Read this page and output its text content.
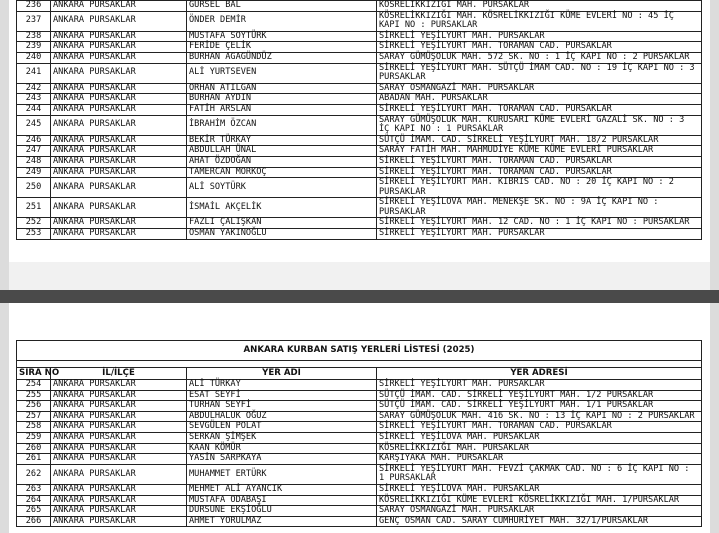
236	ANKARA PURSAKLAR	GÜRSEL BAL	KÖSRELİKKIZIĞI MAH. PURSAKLAR
237	ANKARA PURSAKLAR	ÖNDER DEMİR	KÖSRELİKKIZIĞI MAH. KÖSRELİKKIZIĞI KÜME EVLERİ NO : 45 İÇ KAPI NO : PURSAKLAR
238	ANKARA PURSAKLAR	MUSTAFA SOYTÜRK	SİRKELİ YEŞİLYURT MAH. PURSAKLAR
239	ANKARA PURSAKLAR	FERİDE ÇELİK	SİRKELİ YEŞİLYURT MAH. TORAMAN CAD. PURSAKLAR
240	ANKARA PURSAKLAR	BURHAN AGAGÜNDÜZ	SARAY GÜMÜŞOLUK MAH. 572 SK. NO : 1 İÇ KAPI NO : 2 PURSAKLAR
241	ANKARA PURSAKLAR	ALİ YURTSEVEN	SİRKELİ YEŞİLYURT MAH. SÜTÇÜ İMAM CAD. NO : 19 İÇ KAPI NO : 3 PURSAKLAR
242	ANKARA PURSAKLAR	ORHAN ATILGAN	SARAY OSMANGAZİ MAH. PURSAKLAR
243	ANKARA PURSAKLAR	BURHAN AYDIN	ABADAN MAH. PURSAKLAR
244	ANKARA PURSAKLAR	FATİH ARSLAN	SİRKELİ YEŞİLYURT MAH. TORAMAN CAD. PURSAKLAR
245	ANKARA PURSAKLAR	İBRAHİM ÖZCAN	SARAY GÜMÜŞOLUK MAH. KURUSARI KÜME EVLERİ GAZALİ SK. NO : 3 İÇ KAPI NO : 1 PURSAKLAR
246	ANKARA PURSAKLAR	BEKİR TÜRKAY	SÜTÇÜ İMAM. CAD. SİRKELİ YEŞİLYURT MAH. 18/2 PURSAKLAR
247	ANKARA PURSAKLAR	ABDULLAH ÜNAL	SARAY FATİH MAH. MAHMUDİYE KÜME KÜME EVLERİ PURSAKLAR
248	ANKARA PURSAKLAR	AHAT ÖZDOĞAN	SİRKELİ YEŞİLYURT MAH. TORAMAN CAD. PURSAKLAR
249	ANKARA PURSAKLAR	TAMERCAN MORKOÇ	SİRKELİ YEŞİLYURT MAH. TORAMAN CAD. PURSAKLAR
250	ANKARA PURSAKLAR	ALİ SOYTÜRK	SİRKELİ YEŞİLYURT MAH. KIBRIS CAD. NO : 20 İÇ KAPI NO : 2 PURSAKLAR
251	ANKARA PURSAKLAR	İSMAİL AKÇELİK	SİRKELİ YEŞİLOVA MAH. MENEKŞE SK. NO : 9A İÇ KAPI NO : PURSAKLAR
252	ANKARA PURSAKLAR	FAZLI ÇALIŞKAN	SİRKELİ YEŞİLYURT MAH. 12 CAD. NO : 1 İÇ KAPI NO : PURSAKLAR
253	ANKARA PURSAKLAR	OSMAN YAKINOĞLU	SİRKELİ YEŞİLYURT MAH. PURSAKLAR
ANKARA KURBAN SATIŞ YERLERİ LİSTESİ (2025)			

SIRA NO	İL/İLÇE	YER ADI	YER ADRESİ
254	ANKARA PURSAKLAR	ALİ TÜRKAY	SİRKELİ YEŞİLYURT MAH. PURSAKLAR
255	ANKARA PURSAKLAR	ESAT SEYFİ	SÜTÇÜ İMAM. CAD. SİRKELİ YEŞİLYURT MAH. 1/2 PURSAKLAR
256	ANKARA PURSAKLAR	TURHAN SEYFİ	SÜTÇÜ İMAM. CAD. SİRKELİ YEŞİLYURT MAH. 1/1 PURSAKLAR
257	ANKARA PURSAKLAR	ABDULHALUK OĞUZ	SARAY GÜMÜŞOLUK MAH. 416 SK. NO : 13 İÇ KAPI NO : 2 PURSAKLAR
258	ANKARA PURSAKLAR	SEVGÜLEN POLAT	SİRKELİ YEŞİLYURT MAH. TORAMAN CAD. PURSAKLAR
259	ANKARA PURSAKLAR	SERKAN ŞİMŞEK	SİRKELİ YEŞİLOVA MAH. PURSAKLAR
260	ANKARA PURSAKLAR	KAAN KÖMÜR	KÖSRELİKKIZIĞI MAH. PURSAKLAR
261	ANKARA PURSAKLAR	YASİN SARPKAYA	KARŞIYAKA MAH. PURSAKLAR
262	ANKARA PURSAKLAR	MUHAMMET ERTÜRK	SİRKELİ YEŞİLYURT MAH. FEVZİ ÇAKMAK CAD. NO : 6 İÇ KAPI NO : 1 PURSAKLAR
263	ANKARA PURSAKLAR	MEHMET ALİ AYANCIK	SİRKELİ YEŞİLOVA MAH. PURSAKLAR
264	ANKARA PURSAKLAR	MUSTAFA ODABAŞI	KÖSRELİKKIZIĞI KÜME EVLERİ KÖSRELİKKIZIĞI MAH. 1/PURSAKLAR
265	ANKARA PURSAKLAR	DURSUNE EKŞİOĞLU	SARAY OSMANGAZİ MAH. PURSAKLAR
266	ANKARA PURSAKLAR	AHMET YORULMAZ	GENÇ OSMAN CAD. SARAY CUMHURİYET MAH. 32/1/PURSAKLAR
